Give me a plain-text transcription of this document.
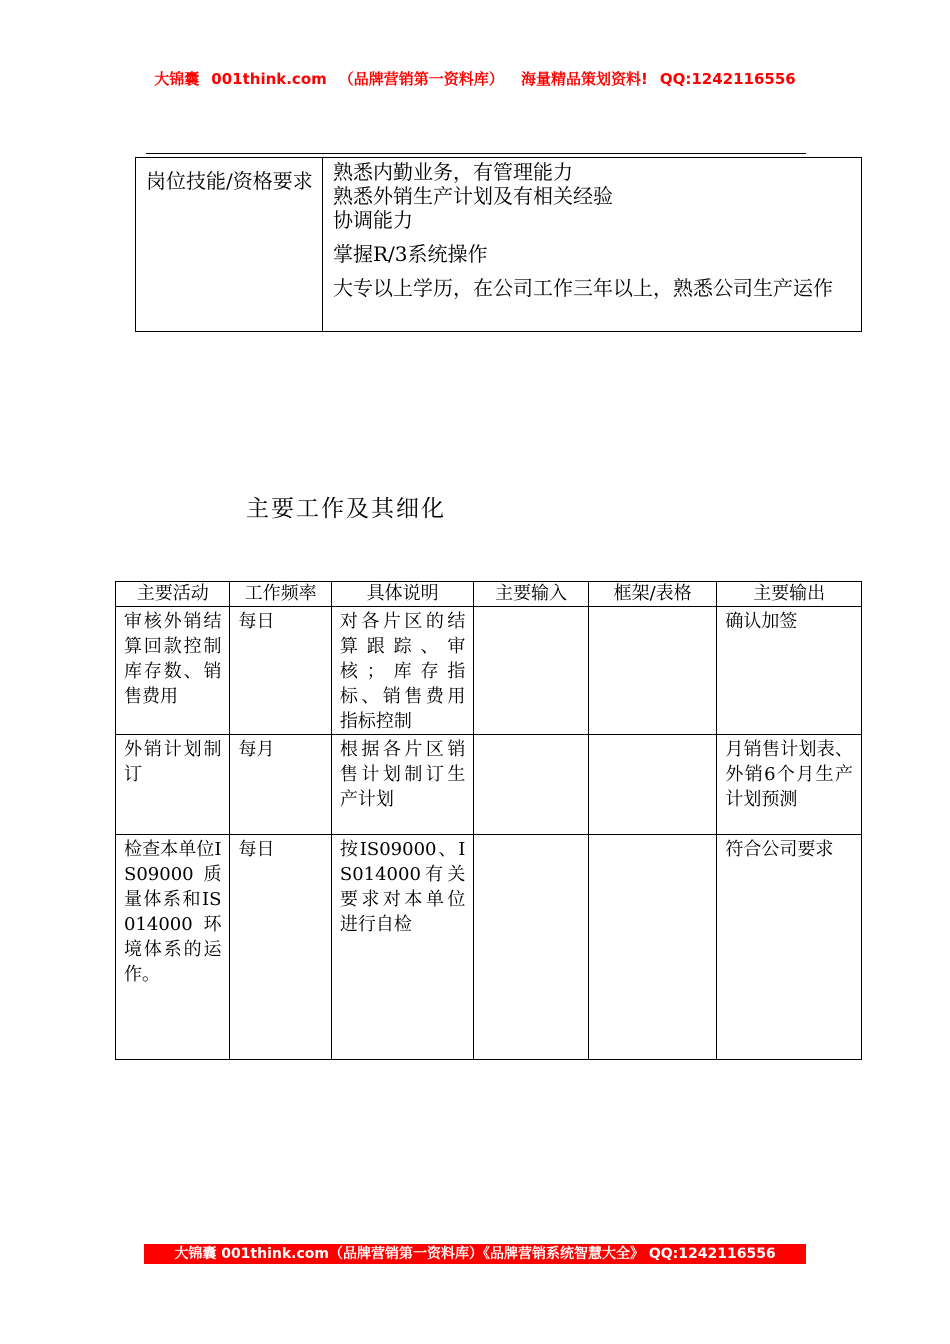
大锦囊 001think.com （品牌营销第一资料库） 海量精品策划资料! QQ:1242116556
岗位技能/资格要求	熟悉内勤业务，有管理能力
熟悉外销生产计划及有相关经验
协调能力
掌握R/3系统操作
大专以上学历，在公司工作三年以上，熟悉公司生产运作
主要工作及其细化
主要活动	工作频率	具体说明	主要输入	框架/表格	主要输出
审核外销结算回款控制库存数、销售费用	每日	对各片区的结算跟踪、审核；库存指标、销售费用指标控制			确认加签
外销计划制订	每月	根据各片区销售计划制订生产计划			月销售计划表、外销6个月生产计划预测
检查本单位IS09000质量体系和IS014000环境体系的运作。	每日	按IS09000、IS014000有关要求对本单位进行自检			符合公司要求
大锦囊 001think.com（品牌营销第一资料库）《品牌营销系统智慧大全》 QQ:1242116556
